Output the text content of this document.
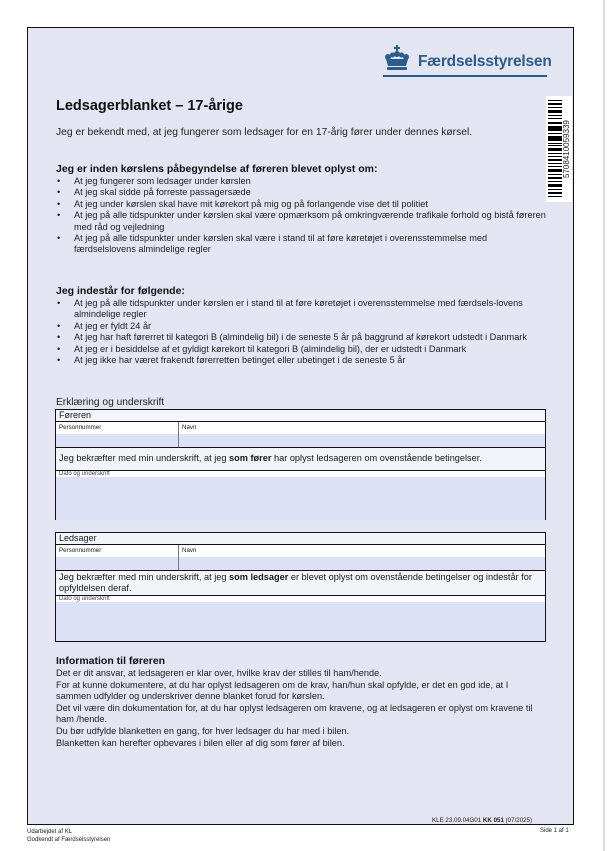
Færdselsstyrelsen
5708410059339
Ledsagerblanket – 17-årige
Jeg er bekendt med, at jeg fungerer som ledsager for en 17-årig fører under dennes kørsel.
Jeg er inden kørslens påbegyndelse af føreren blevet oplyst om:
• At jeg fungerer som ledsager under kørslen
• At jeg skal sidde på forreste passagersæde
• At jeg under kørslen skal have mit kørekort på mig og på forlangende vise det til politiet
• At jeg på alle tidspunkter under kørslen skal være opmærksom på omkringværende trafikale forhold og bistå føreren med råd og vejledning
• At jeg på alle tidspunkter under kørslen skal være i stand til at føre køretøjet i overensstemmelse med færdselslovens almindelige regler
Jeg indestår for følgende:
• At jeg på alle tidspunkter under kørslen er i stand til at føre køretøjet i overensstemmelse med færdsels-lovens almindelige regler
• At jeg er fyldt 24 år
• At jeg har haft førerret til kategori B (almindelig bil) i de seneste 5 år på baggrund af kørekort udstedt i Danmark
• At jeg er i besiddelse af et gyldigt kørekort til kategori B (almindelig bil), der er udstedt i Danmark
• At jeg ikke har været frakendt førerretten betinget eller ubetinget i de seneste 5 år
Erklæring og underskrift
Føreren
Personnummer	Navn
Jeg bekræfter med min underskrift, at jeg som fører har oplyst ledsageren om ovenstående betingelser.
Dato og underskrift
Ledsager
Personnummer	Navn
Jeg bekræfter med min underskrift, at jeg som ledsager er blevet oplyst om ovenstående betingelser og indestår for opfyldelsen deraf.
Dato og underskrift
Information til føreren

Det er dit ansvar, at ledsageren er klar over, hvilke krav der stilles til ham/hende.

For at kunne dokumentere, at du har oplyst ledsageren om de krav, han/hun skal opfylde, er det en god ide, at I sammen udfylder og underskriver denne blanket forud for kørslen.

Det vil være din dokumentation for, at du har oplyst ledsageren om kravene, og at ledsageren er oplyst om kravene til ham /hende.

Du bør udfylde blanketten en gang, for hver ledsager du har med i bilen.

Blanketten kan herefter opbevares i bilen eller af dig som fører af bilen.

KLE 23.09.04G01 KK 051 (07/2025)
Udarbejdet af KL
Godkendt af Færdselsstyrelsen
Side 1 af 1
